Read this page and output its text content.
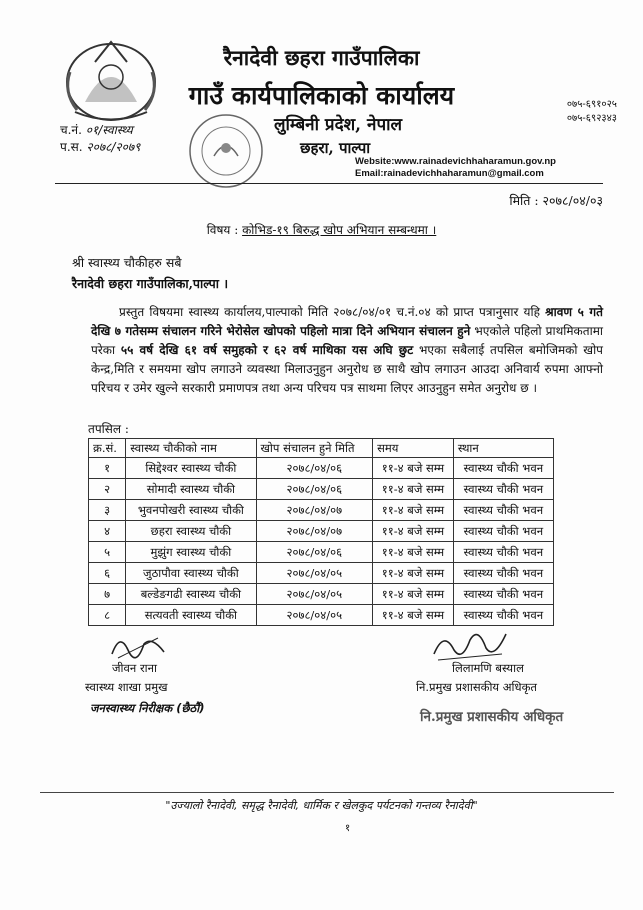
रैनादेवी छहरा गाउँपालिका
गाउँ कार्यपालिकाको कार्यालय	०७५-६९१०२५
०७५-६९२३४३
च.नं. ०१/स्वास्थ्य
प.स. २०७८/२०७९
लुम्बिनी प्रदेश, नेपाल
छहरा, पाल्पा
Website:www.rainadevichhaharamun.gov.np
Email:rainadevichhaharamun@gmail.com
मिति : २०७८/०४/०३
विषय : कोभिड-१९ बिरुद्ध खोप अभियान सम्बन्धमा ।
श्री स्वास्थ्य चौकीहरु सबै
रैनादेवी छहरा गाउँपालिका,पाल्पा ।
प्रस्तुत विषयमा स्वास्थ्य कार्यालय,पाल्पाको मिति २०७८/०४/०१ च.नं.०४ को प्राप्त पत्रानुसार यहि श्रावण ५ गते देखि ७ गतेसम्म संचालन गरिने भेरोसेल खोपको पहिलो मात्रा दिने अभियान संचालन हुने भएकोले पहिलो प्राथमिकतामा परेका ५५ वर्ष देखि ६१ वर्ष समुहको र ६२ वर्ष माथिका यस अघि छुट भएका सबैलाई तपसिल बमोजिमको खोप केन्द्र,मिति र समयमा खोप लगाउने व्यवस्था मिलाउनुहुन अनुरोध छ साथै खोप लगाउन आउदा अनिवार्य रुपमा आफ्नो परिचय र उमेर खुल्ने सरकारी प्रमाणपत्र तथा अन्य परिचय पत्र साथमा लिएर आउनुहुन समेत अनुरोध छ ।
तपसिल :
क्र.सं.	स्वास्थ्य चौकीको नाम	खोप संचालन हुने मिति	समय	स्थान
१	सिद्देश्वर स्वास्थ्य चौकी	२०७८/०४/०६	११-४ बजे सम्म	स्वास्थ्य चौकी भवन
२	सोमादी स्वास्थ्य चौकी	२०७८/०४/०६	११-४ बजे सम्म	स्वास्थ्य चौकी भवन
३	भुवनपोखरी स्वास्थ्य चौकी	२०७८/०४/०७	११-४ बजे सम्म	स्वास्थ्य चौकी भवन
४	छहरा स्वास्थ्य चौकी	२०७८/०४/०७	११-४ बजे सम्म	स्वास्थ्य चौकी भवन
५	मुझुंग स्वास्थ्य चौकी	२०७८/०४/०६	११-४ बजे सम्म	स्वास्थ्य चौकी भवन
६	जुठापौवा स्वास्थ्य चौकी	२०७८/०४/०५	११-४ बजे सम्म	स्वास्थ्य चौकी भवन
७	बल्डेङगढी स्वास्थ्य चौकी	२०७८/०४/०५	११-४ बजे सम्म	स्वास्थ्य चौकी भवन
८	सत्यवती स्वास्थ्य चौकी	२०७८/०४/०५	११-४ बजे सम्म	स्वास्थ्य चौकी भवन
जीवन राना
स्वास्थ्य शाखा प्रमुख
जनस्वास्थ्य निरीक्षक (छैठौं)
लिलामणि बस्याल
नि.प्रमुख प्रशासकीय अधिकृत
नि.प्रमुख प्रशासकीय अधिकृत
"उज्यालो रैनादेवी, समृद्ध रैनादेवी, धार्मिक र खेलकुद पर्यटनको गन्तव्य रैनादेवी"
१
